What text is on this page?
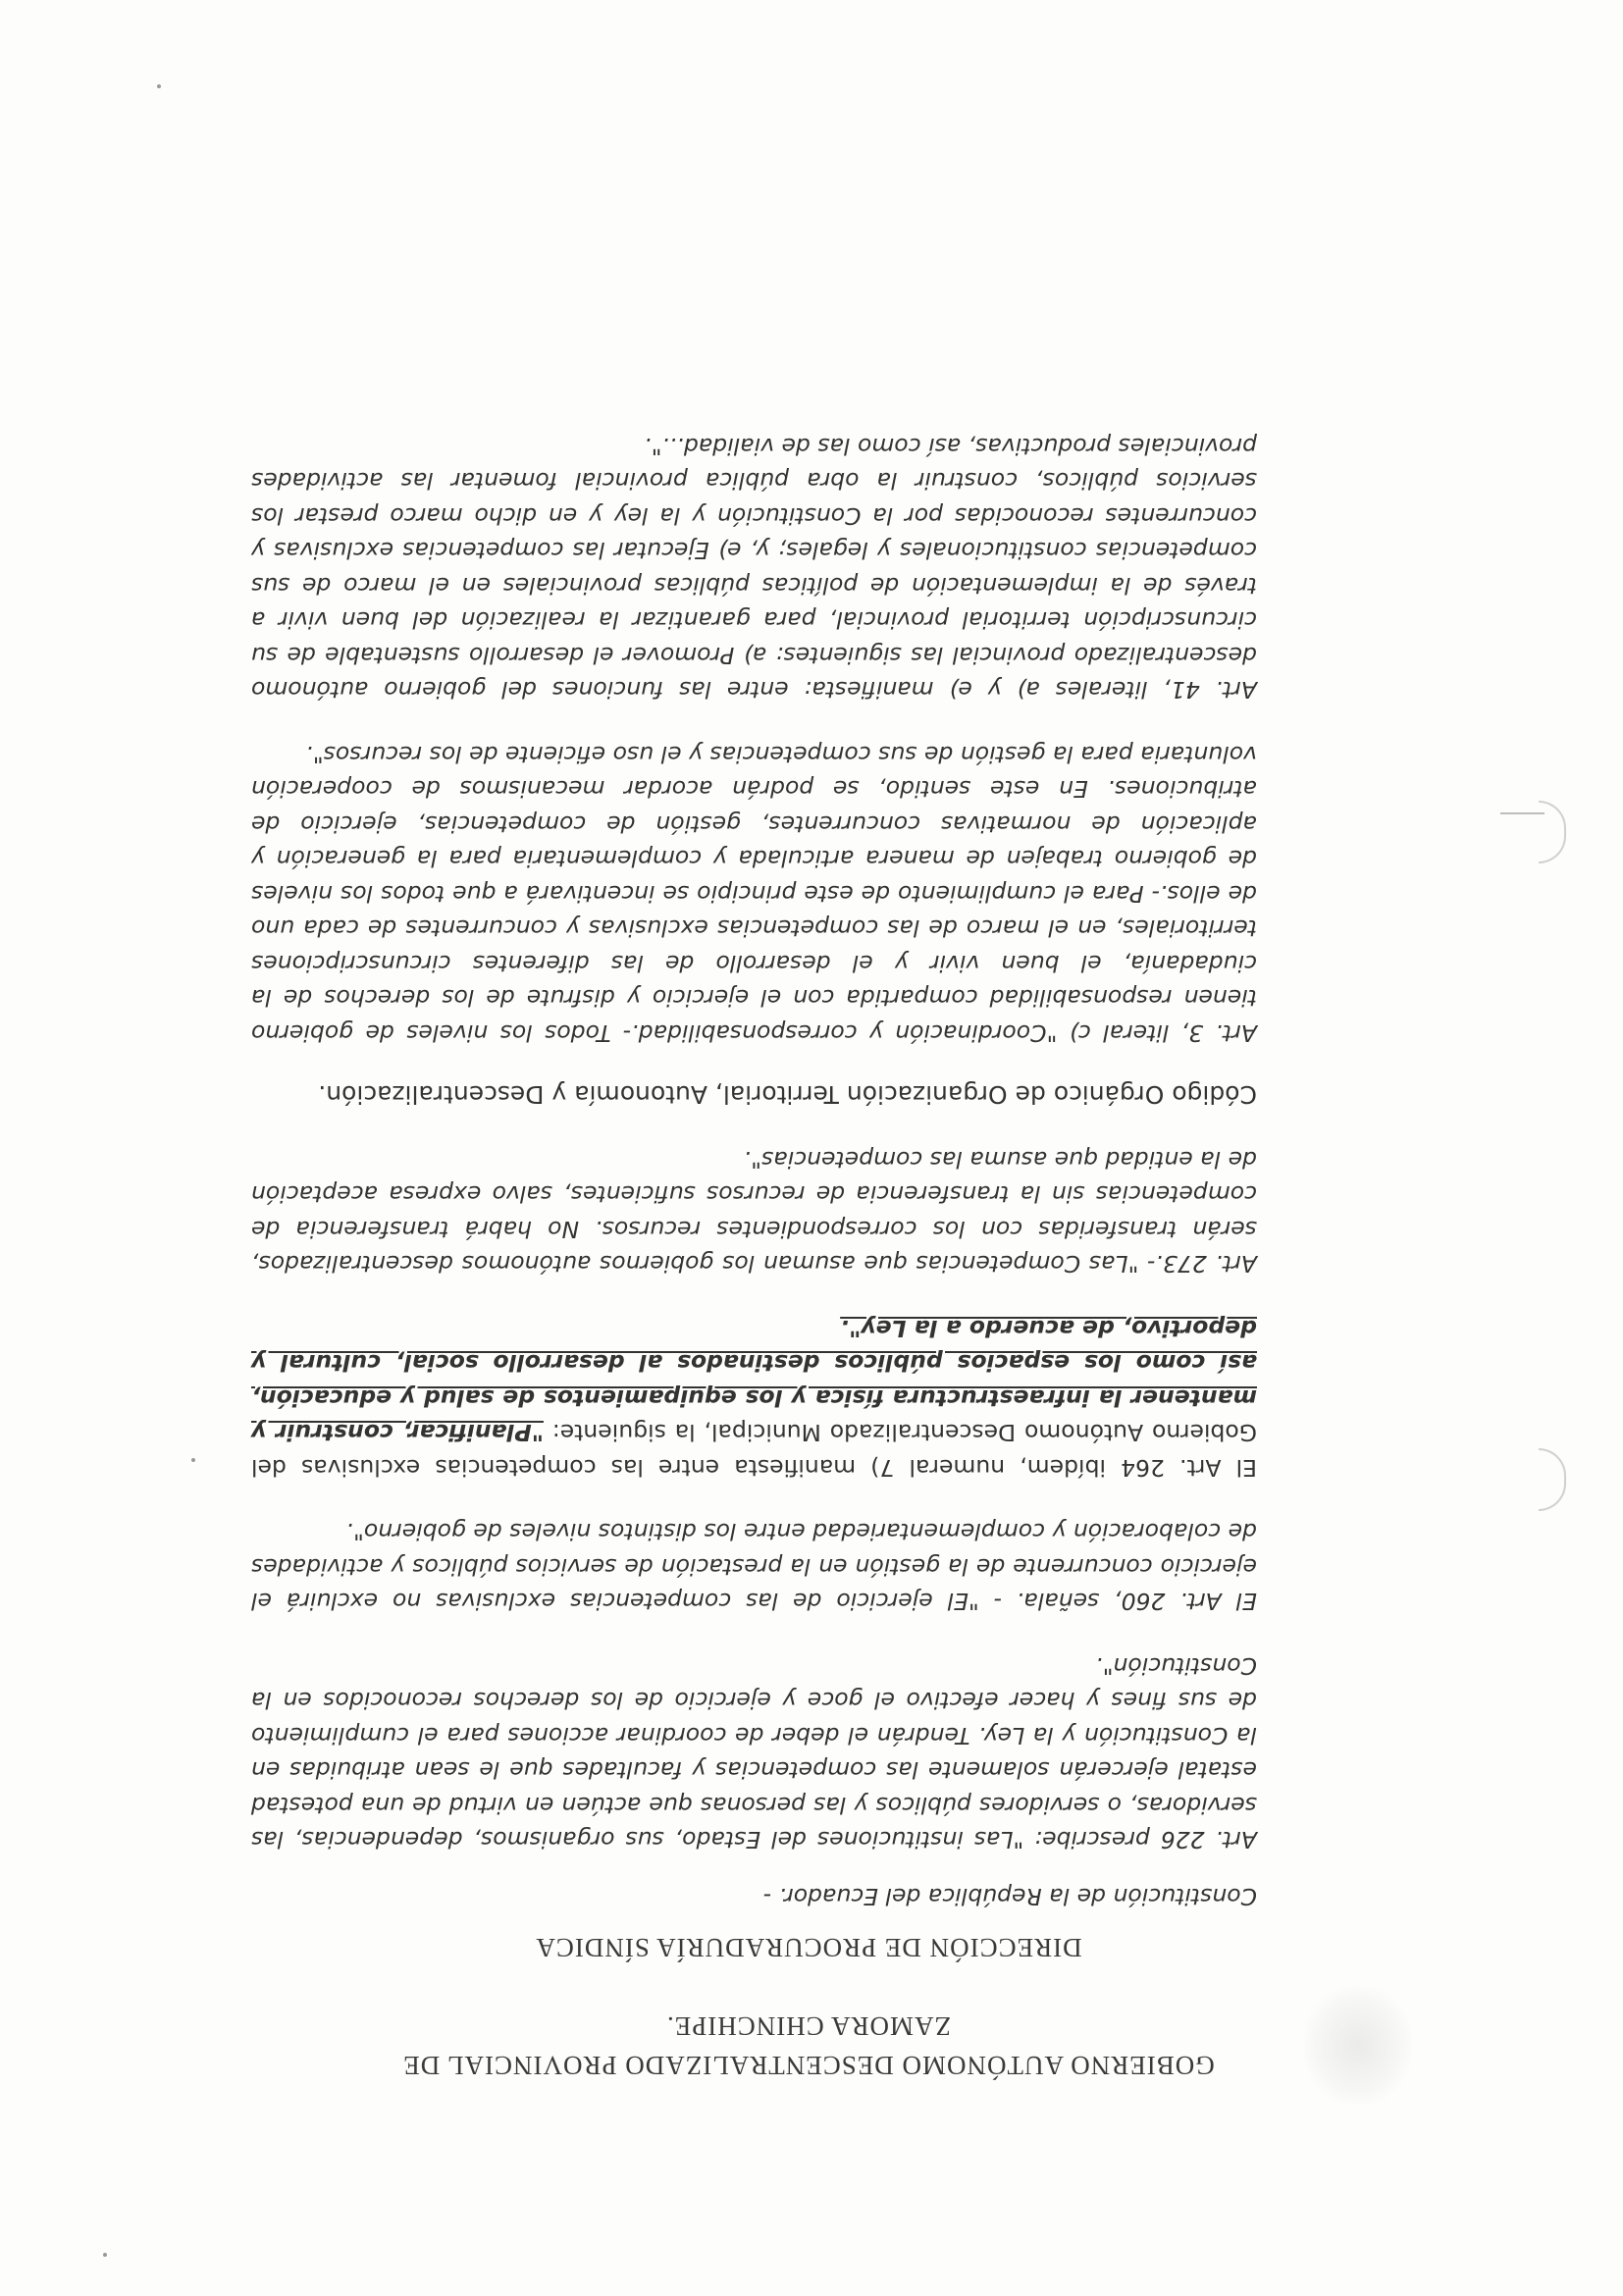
GOBIERNO AUTÓNOMO DESCENTRALIZADO PROVINCIAL DE
ZAMORA CHINCHIPE.
DIRECCIÓN DE PROCURADURÍA SÍNDICA

Constitución de la República del Ecuador. -

Art. 226 prescribe: "Las instituciones del Estado, sus organismos, dependencias, las servidoras, o servidores públicos y las personas que actúen en virtud de una potestad estatal ejercerán solamente las competencias y facultades que le sean atribuidas en la Constitución y la Ley. Tendrán el deber de coordinar acciones para el cumplimiento de sus fines y hacer efectivo el goce y ejercicio de los derechos reconocidos en la Constitución".

El Art. 260, señala. - "El ejercicio de las competencias exclusivas no excluirá el ejercicio concurrente de la gestión en la prestación de servicios públicos y actividades de colaboración y complementariedad entre los distintos niveles de gobierno".

El Art. 264 ibídem, numeral 7) manifiesta entre las competencias exclusivas del Gobierno Autónomo Descentralizado Municipal, la siguiente: "Planificar, construir y mantener la infraestructura física y los equipamientos de salud y educación, así como los espacios públicos destinados al desarrollo social, cultural y deportivo, de acuerdo a la Ley".

Art. 273.- "Las Competencias que asuman los gobiernos autónomos descentralizados, serán transferidas con los correspondientes recursos. No habrá transferencia de competencias sin la transferencia de recursos suficientes, salvo expresa aceptación de la entidad que asuma las competencias".

Código Orgánico de Organización Territorial, Autonomía y Descentralización.

Art. 3, literal c) "Coordinación y corresponsabilidad.- Todos los niveles de gobierno tienen responsabilidad compartida con el ejercicio y disfrute de los derechos de la ciudadanía, el buen vivir y el desarrollo de las diferentes circunscripciones territoriales, en el marco de las competencias exclusivas y concurrentes de cada uno de ellos.- Para el cumplimiento de este principio se incentivará a que todos los niveles de gobierno trabajen de manera articulada y complementaria para la generación y aplicación de normativas concurrentes, gestión de competencias, ejercicio de atribuciones. En este sentido, se podrán acordar mecanismos de cooperación voluntaria para la gestión de sus competencias y el uso eficiente de los recursos".

Art. 41, literales a) y e) manifiesta: entre las funciones del gobierno autónomo descentralizado provincial las siguientes: a) Promover el desarrollo sustentable de su circunscripción territorial provincial, para garantizar la realización del buen vivir a través de la implementación de políticas públicas provinciales en el marco de sus competencias constitucionales y legales; y, e) Ejecutar las competencias exclusivas y concurrentes reconocidas por la Constitución y la ley y en dicho marco prestar los servicios públicos, construir la obra pública provincial fomentar las actividades provinciales productivas, así como las de vialidad...".
